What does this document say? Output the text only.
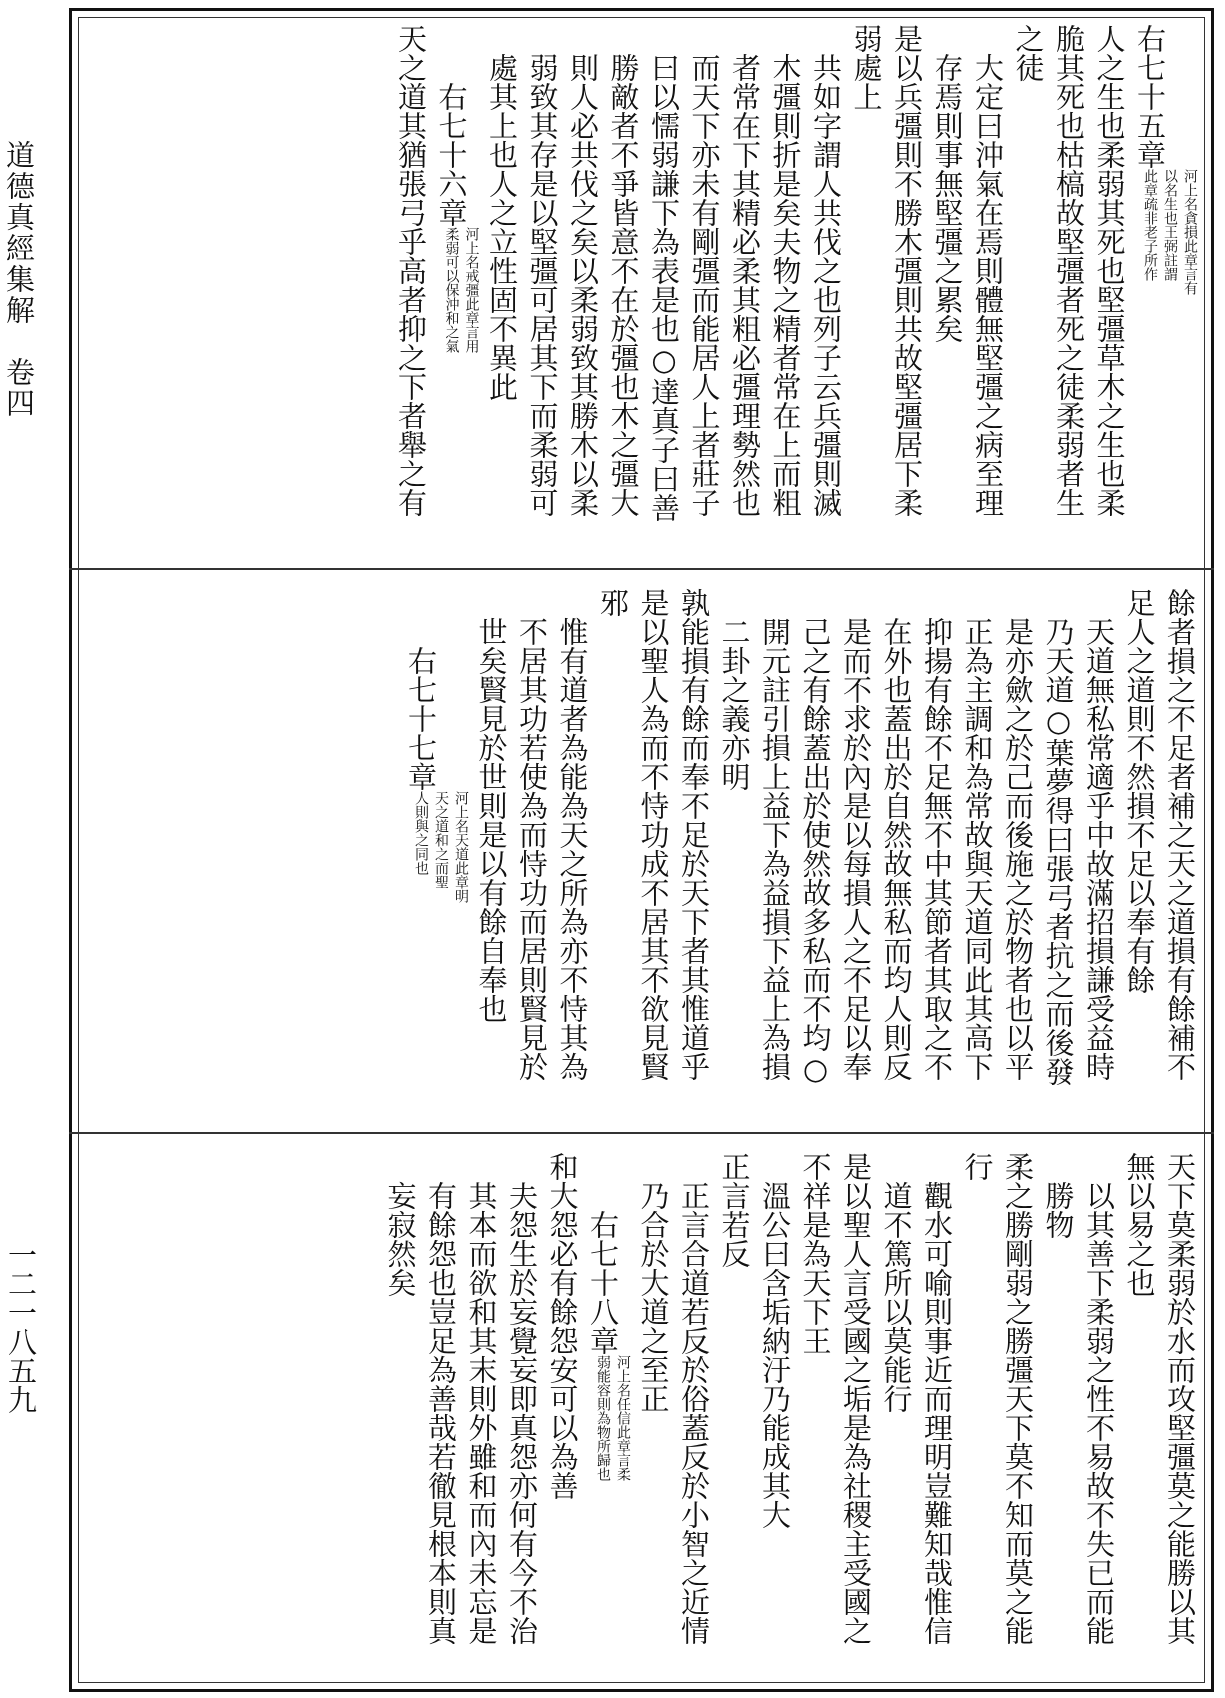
道德真經集解　卷四
一二一八五九
右七十五章
河上名貪損此章言有
以名生也王弼註謂
此章疏非老子所作
人之生也柔弱其死也堅彊草木之生也柔
脆其死也枯槁故堅彊者死之徒柔弱者生
之徒
　大定曰沖氣在焉則體無堅彊之病至理
　存焉則事無堅彊之累矣
是以兵彊則不勝木彊則共故堅彊居下柔
弱處上
　共如字謂人共伐之也列子云兵彊則滅
　木彊則折是矣夫物之精者常在上而粗
　者常在下其精必柔其粗必彊理勢然也
　而天下亦未有剛彊而能居人上者莊子
　曰以懦弱謙下為表是也○達真子曰善
　勝敵者不爭皆意不在於彊也木之彊大
　則人必共伐之矣以柔弱致其勝木以柔
　弱致其存是以堅彊可居其下而柔弱可
　處其上也人之立性固不異此
　　右七十六章
河上名戒彊此章言用
柔弱可以保沖和之氣
天之道其猶張弓乎高者抑之下者舉之有
餘者損之不足者補之天之道損有餘補不
足人之道則不然損不足以奉有餘
　天道無私常適乎中故滿招損謙受益時
　乃天道○葉夢得曰張弓者抗之而後發
　是亦歛之於己而後施之於物者也以平
　正為主調和為常故與天道同此其高下
　抑揚有餘不足無不中其節者其取之不
　在外也蓋出於自然故無私而均人則反
　是而不求於內是以每損人之不足以奉
　己之有餘蓋出於使然故多私而不均○
　開元註引損上益下為益損下益上為損
　二卦之義亦明
孰能損有餘而奉不足於天下者其惟道乎
是以聖人為而不恃功成不居其不欲見賢
邪
　惟有道者為能為天之所為亦不恃其為
　不居其功若使為而恃功而居則賢見於
　世矣賢見於世則是以有餘自奉也
　　右七十七章
河上名天道此章明
天之道和之而聖
人則與之同也
天下莫柔弱於水而攻堅彊莫之能勝以其
無以易之也
　以其善下柔弱之性不易故不失已而能
　勝物
柔之勝剛弱之勝彊天下莫不知而莫之能
行
　觀水可喻則事近而理明豈難知哉惟信
　道不篤所以莫能行
是以聖人言受國之垢是為社稷主受國之
不祥是為天下王
　溫公曰含垢納汙乃能成其大
正言若反
　正言合道若反於俗蓋反於小智之近情
　乃合於大道之至正
　　右七十八章
河上名任信此章言柔
弱能容則為物所歸也
和大怨必有餘怨安可以為善
　夫怨生於妄覺妄即真怨亦何有今不治
　其本而欲和其末則外雖和而內未忘是
　有餘怨也豈足為善哉若徹見根本則真
　妄寂然矣
